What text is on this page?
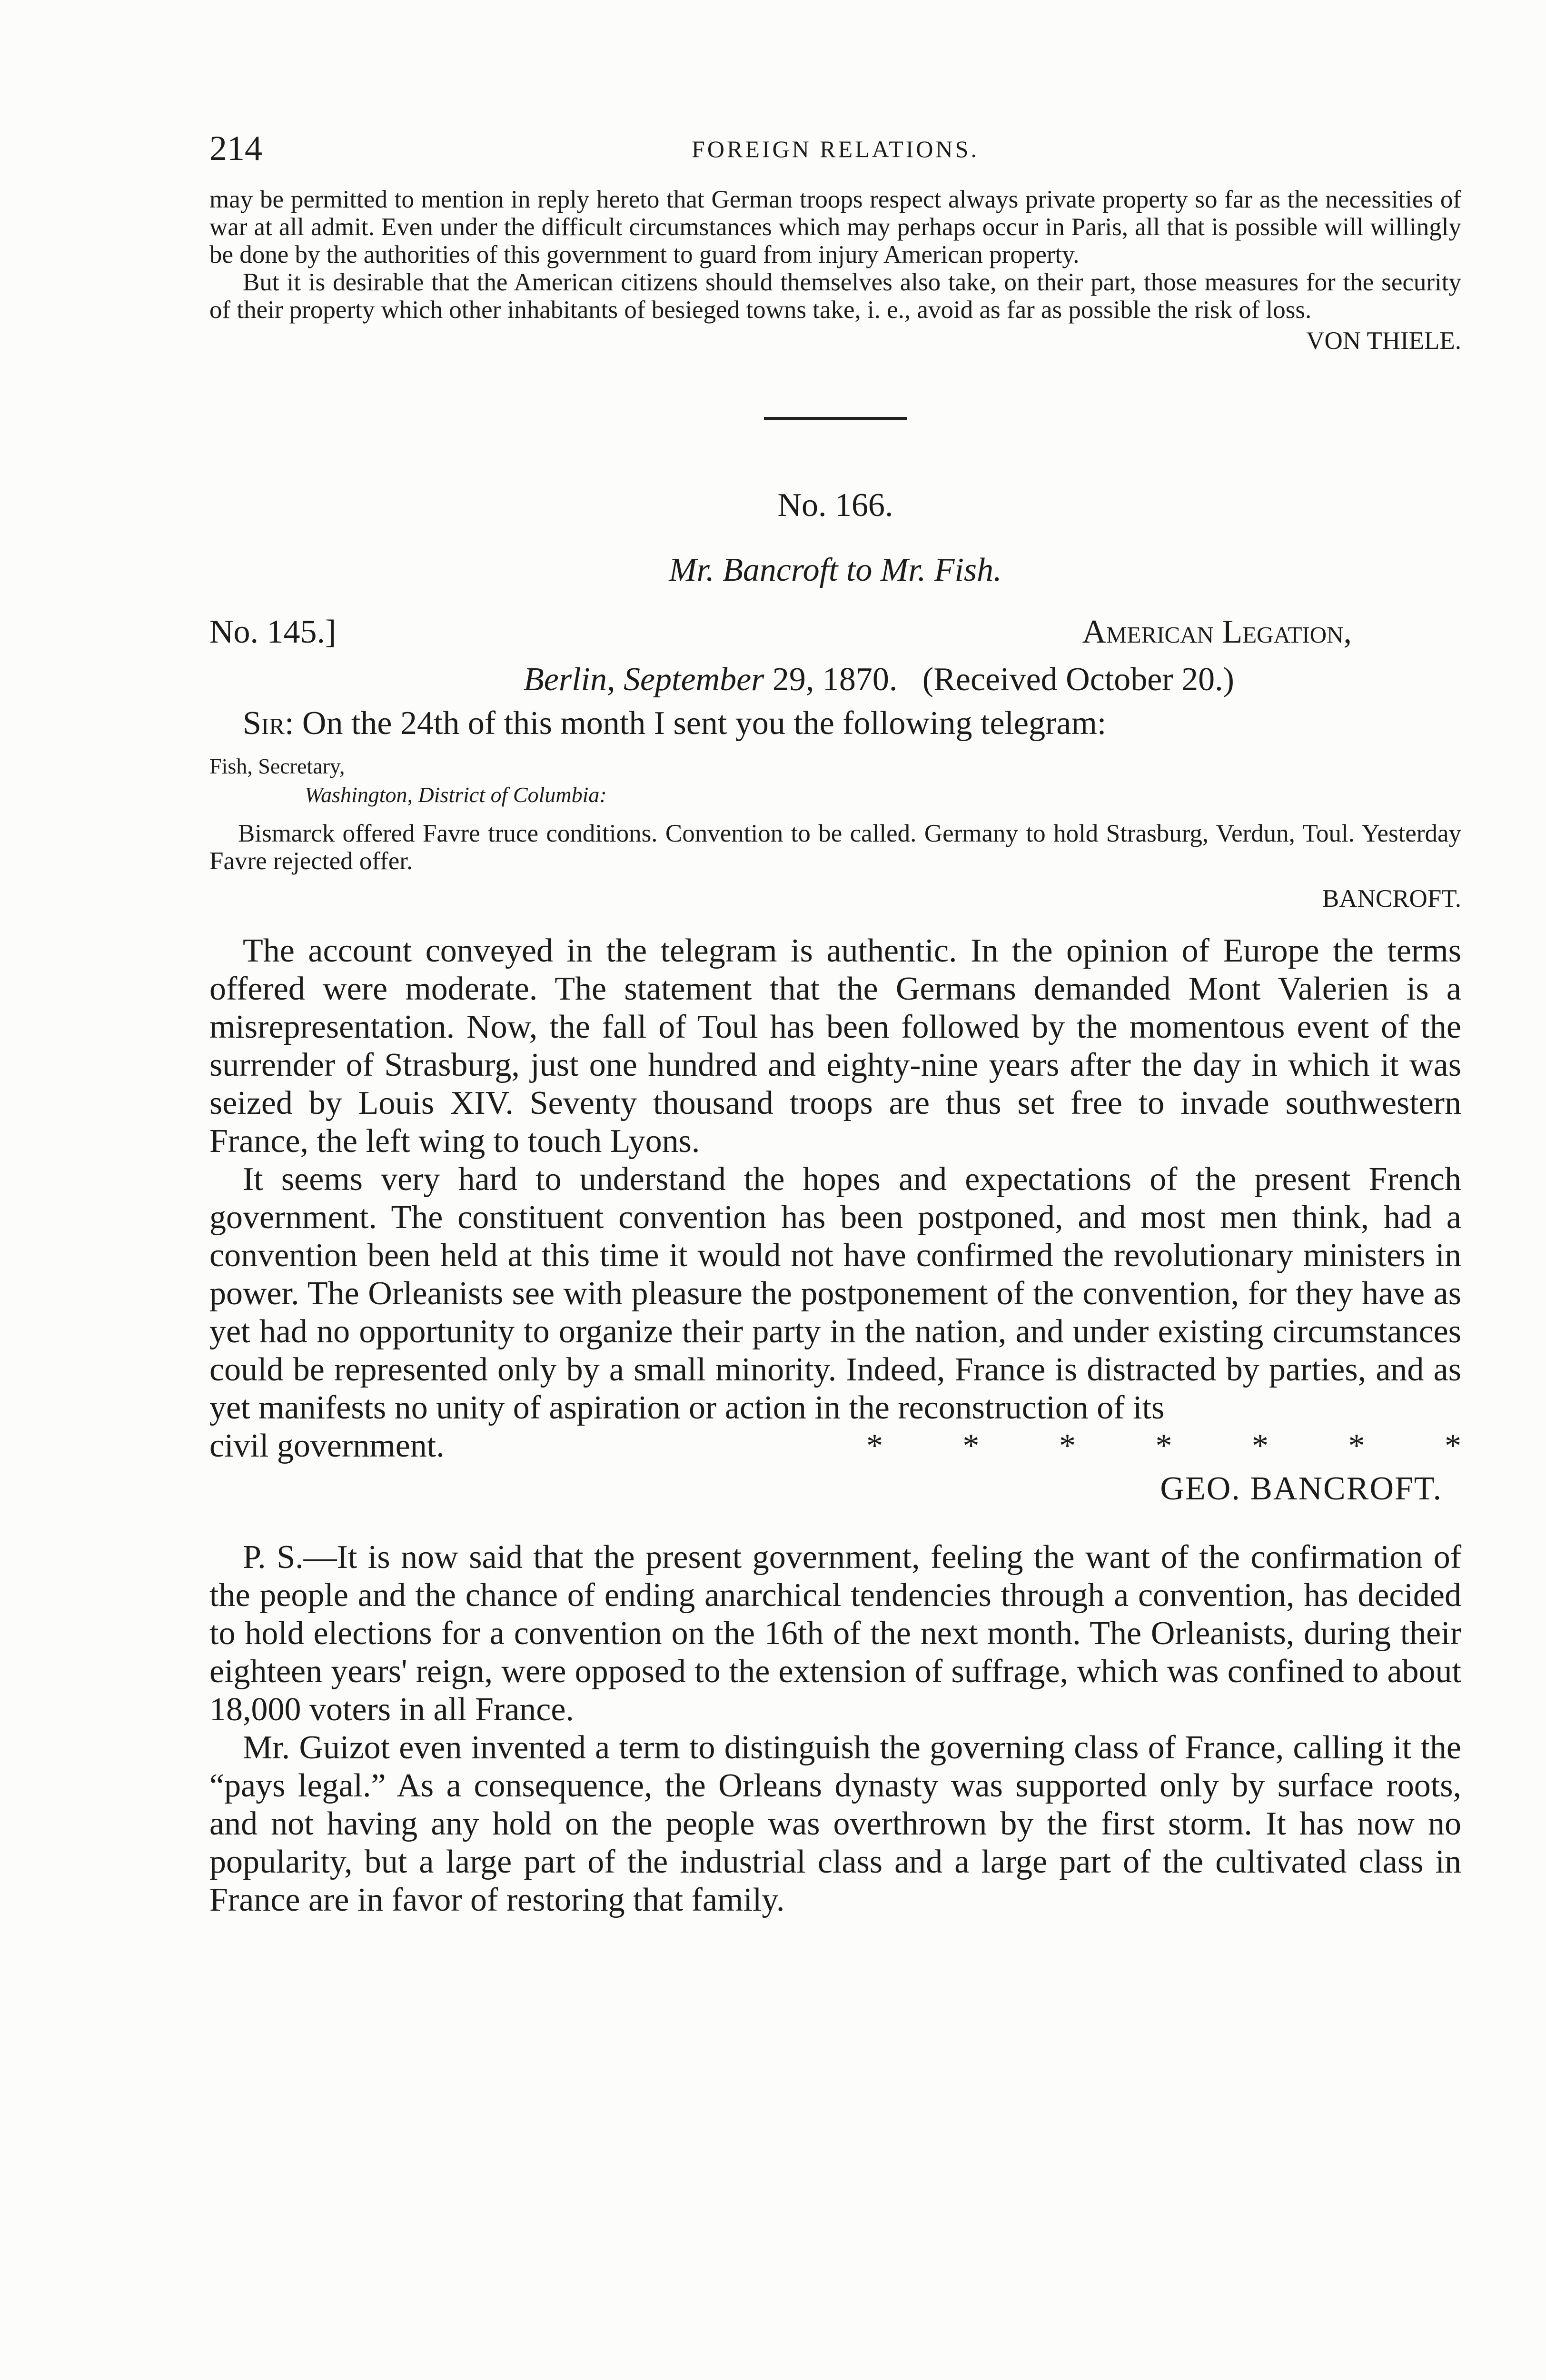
214	FOREIGN RELATIONS.

may be permitted to mention in reply hereto that German troops respect always private property so far as the necessities of war at all admit. Even under the difficult circumstances which may perhaps occur in Paris, all that is possible will willingly be done by the authorities of this government to guard from injury American property.

But it is desirable that the American citizens should themselves also take, on their part, those measures for the security of their property which other inhabitants of besieged towns take, i. e., avoid as far as possible the risk of loss.

VON THIELE.

No. 166.

Mr. Bancroft to Mr. Fish.

No. 145.]	American Legation,

Berlin, September 29, 1870. (Received October 20.)

Sir: On the 24th of this month I sent you the following telegram:

Fish, Secretary,
Washington, District of Columbia:

Bismarck offered Favre truce conditions. Convention to be called. Germany to hold Strasburg, Verdun, Toul. Yesterday Favre rejected offer.

BANCROFT.

The account conveyed in the telegram is authentic. In the opinion of Europe the terms offered were moderate. The statement that the Germans demanded Mont Valerien is a misrepresentation. Now, the fall of Toul has been followed by the momentous event of the surrender of Strasburg, just one hundred and eighty-nine years after the day in which it was seized by Louis XIV. Seventy thousand troops are thus set free to invade southwestern France, the left wing to touch Lyons.

It seems very hard to understand the hopes and expectations of the present French government. The constituent convention has been postponed, and most men think, had a convention been held at this time it would not have confirmed the revolutionary ministers in power. The Orleanists see with pleasure the postponement of the convention, for they have as yet had no opportunity to organize their party in the nation, and under existing circumstances could be represented only by a small minority. Indeed, France is distracted by parties, and as yet manifests no unity of aspiration or action in the reconstruction of its

civil government.	* * * * * * *

GEO. BANCROFT.

P. S.—It is now said that the present government, feeling the want of the confirmation of the people and the chance of ending anarchical tendencies through a convention, has decided to hold elections for a convention on the 16th of the next month. The Orleanists, during their eighteen years' reign, were opposed to the extension of suffrage, which was confined to about 18,000 voters in all France.

Mr. Guizot even invented a term to distinguish the governing class of France, calling it the “pays legal.” As a consequence, the Orleans dynasty was supported only by surface roots, and not having any hold on the people was overthrown by the first storm. It has now no popularity, but a large part of the industrial class and a large part of the cultivated class in France are in favor of restoring that family.
